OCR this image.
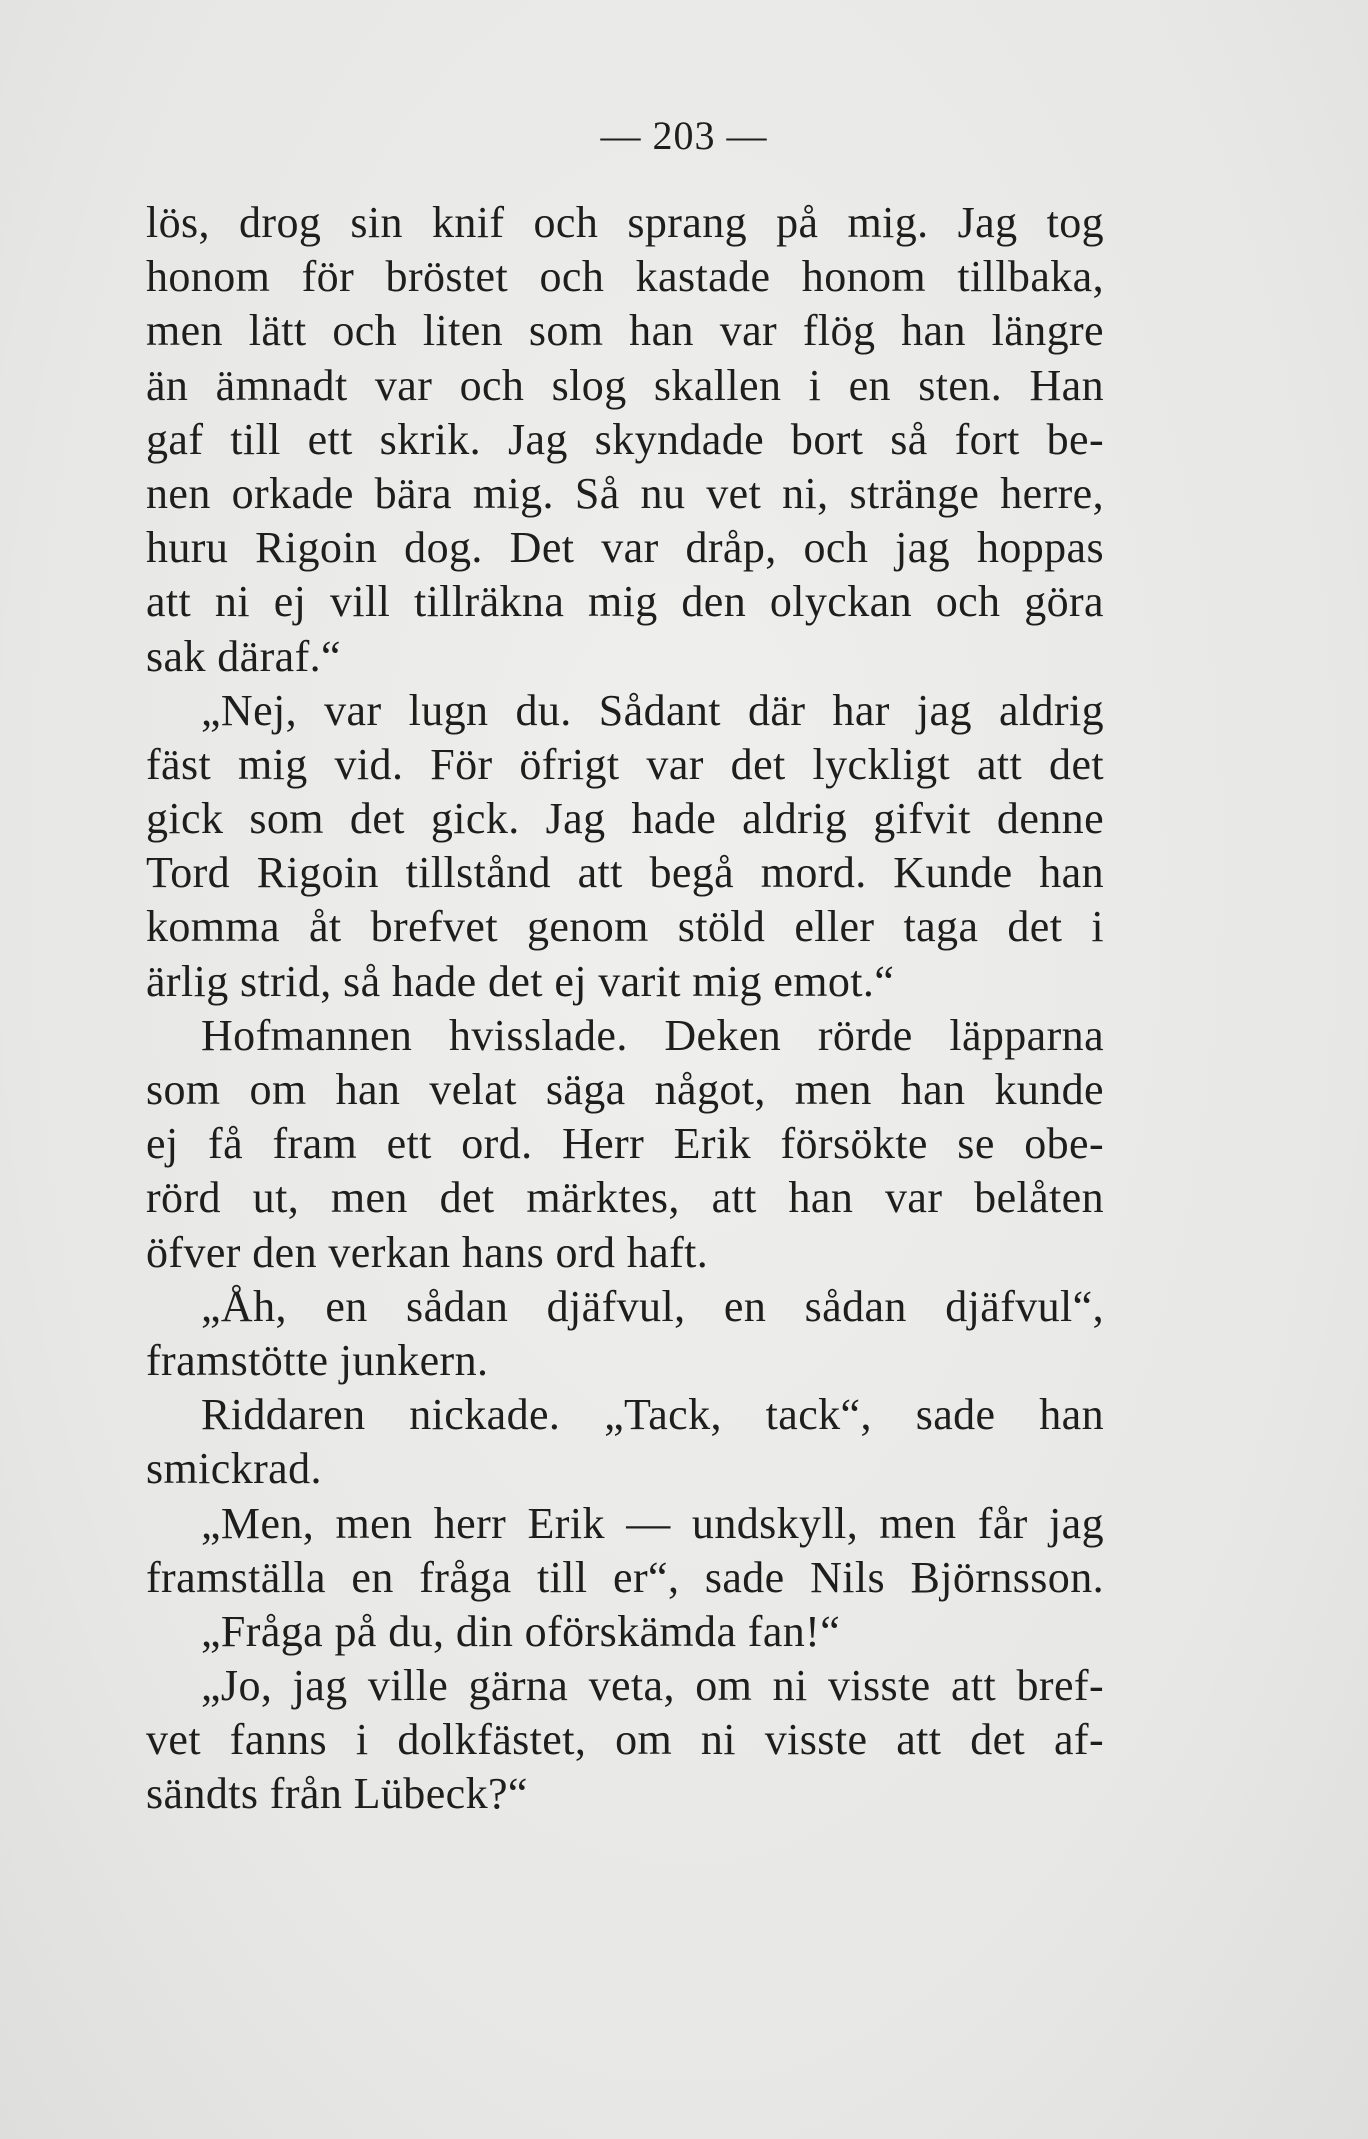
— 203 —
lös, drog sin knif och sprang på mig. Jag tog
honom för bröstet och kastade honom tillbaka,
men lätt och liten som han var flög han längre
än ämnadt var och slog skallen i en sten. Han
gaf till ett skrik. Jag skyndade bort så fort be-
nen orkade bära mig. Så nu vet ni, stränge herre,
huru Rigoin dog. Det var dråp, och jag hoppas
att ni ej vill tillräkna mig den olyckan och göra
sak däraf.“
„Nej, var lugn du. Sådant där har jag aldrig
fäst mig vid. För öfrigt var det lyckligt att det
gick som det gick. Jag hade aldrig gifvit denne
Tord Rigoin tillstånd att begå mord. Kunde han
komma åt brefvet genom stöld eller taga det i
ärlig strid, så hade det ej varit mig emot.“
Hofmannen hvisslade. Deken rörde läpparna
som om han velat säga något, men han kunde
ej få fram ett ord. Herr Erik försökte se obe-
rörd ut, men det märktes, att han var belåten
öfver den verkan hans ord haft.
„Åh, en sådan djäfvul, en sådan djäfvul“,
framstötte junkern.
Riddaren nickade. „Tack, tack“, sade han
smickrad.
„Men, men herr Erik — undskyll, men får jag
framställa en fråga till er“, sade Nils Björnsson.
„Fråga på du, din oförskämda fan!“
„Jo, jag ville gärna veta, om ni visste att bref-
vet fanns i dolkfästet, om ni visste att det af-
sändts från Lübeck?“
